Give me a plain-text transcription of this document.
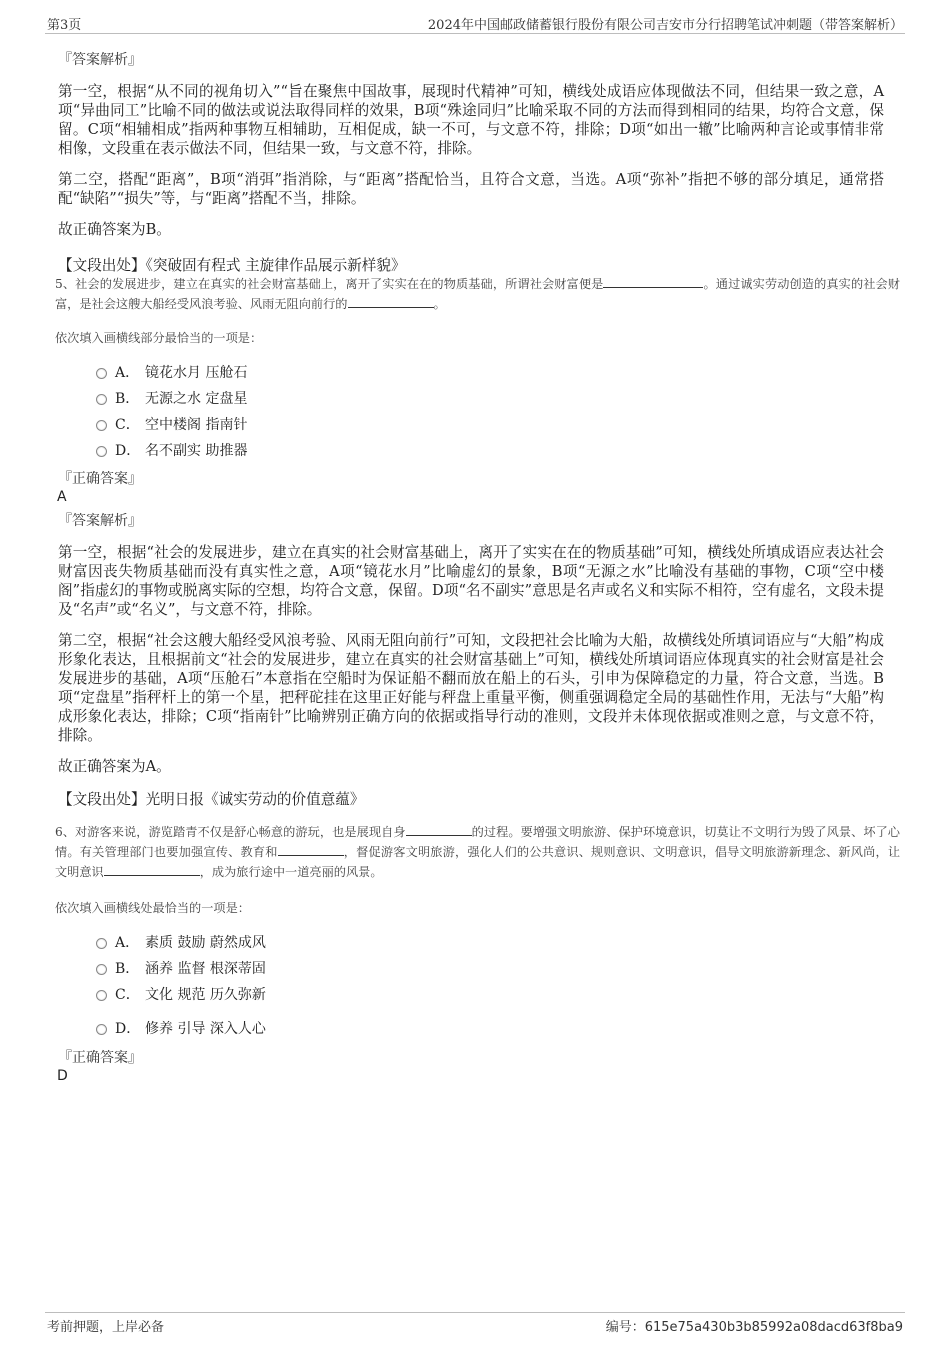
第3页	2024年中国邮政储蓄银行股份有限公司吉安市分行招聘笔试冲刺题（带答案解析）
『答案解析』
第一空，根据“从不同的视角切入”“旨在聚焦中国故事，展现时代精神”可知，横线处成语应体现做法不同，但结果一致之意，A项“异曲同工”比喻不同的做法或说法取得同样的效果，B项“殊途同归”比喻采取不同的方法而得到相同的结果，均符合文意，保留。C项“相辅相成”指两种事物互相辅助，互相促成，缺一不可，与文意不符，排除；D项“如出一辙”比喻两种言论或事情非常相像，文段重在表示做法不同，但结果一致，与文意不符，排除。
第二空，搭配“距离”，B项“消弭”指消除，与“距离”搭配恰当，且符合文意，当选。A项“弥补”指把不够的部分填足，通常搭配“缺陷”“损失”等，与“距离”搭配不当，排除。
故正确答案为B。
【文段出处】《突破固有程式 主旋律作品展示新样貌》
5、社会的发展进步，建立在真实的社会财富基础上，离开了实实在在的物质基础，所谓社会财富便是	。通过诚实劳动创造的真实的社会财富，是社会这艘大船经受风浪考验、风雨无阻向前行的	。
依次填入画横线部分最恰当的一项是：
A． 镜花水月 压舱石
B． 无源之水 定盘星
C． 空中楼阁 指南针
D． 名不副实 助推器
『正确答案』
A
『答案解析』
第一空，根据“社会的发展进步，建立在真实的社会财富基础上，离开了实实在在的物质基础”可知，横线处所填成语应表达社会财富因丧失物质基础而没有真实性之意，A项“镜花水月”比喻虚幻的景象，B项“无源之水”比喻没有基础的事物，C项“空中楼阁”指虚幻的事物或脱离实际的空想，均符合文意，保留。D项“名不副实”意思是名声或名义和实际不相符，空有虚名，文段未提及“名声”或“名义”，与文意不符，排除。
第二空，根据“社会这艘大船经受风浪考验、风雨无阻向前行”可知，文段把社会比喻为大船，故横线处所填词语应与“大船”构成形象化表达，且根据前文“社会的发展进步，建立在真实的社会财富基础上”可知，横线处所填词语应体现真实的社会财富是社会发展进步的基础，A项“压舱石”本意指在空船时为保证船不翻而放在船上的石头，引申为保障稳定的力量，符合文意，当选。B项“定盘星”指秤杆上的第一个星，把秤砣挂在这里正好能与秤盘上重量平衡，侧重强调稳定全局的基础性作用，无法与“大船”构成形象化表达，排除；C项“指南针”比喻辨别正确方向的依据或指导行动的准则，文段并未体现依据或准则之意，与文意不符，排除。
故正确答案为A。
【文段出处】光明日报《诚实劳动的价值意蕴》
6、对游客来说，游览踏青不仅是舒心畅意的游玩，也是展现自身	的过程。要增强文明旅游、保护环境意识，切莫让不文明行为毁了风景、坏了心情。有关管理部门也要加强宣传、教育和	，督促游客文明旅游，强化人们的公共意识、规则意识、文明意识，倡导文明旅游新理念、新风尚，让文明意识	，成为旅行途中一道亮丽的风景。
依次填入画横线处最恰当的一项是：
A． 素质 鼓励 蔚然成风
B． 涵养 监督 根深蒂固
C． 文化 规范 历久弥新
D． 修养 引导 深入人心
『正确答案』
D
考前押题，上岸必备	编号：615e75a430b3b85992a08dacd63f8ba9
